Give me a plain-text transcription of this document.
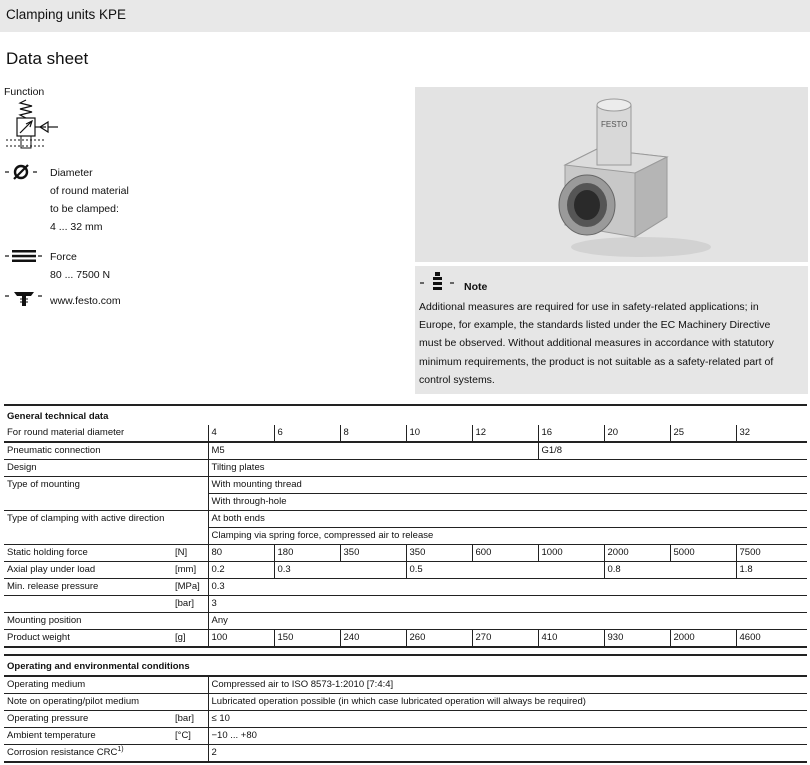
Clamping units KPE
Data sheet
Function
Diameter
of round material
to be clamped:
4 ... 32 mm
Force
80 ... 7500 N
www.festo.com
FESTO
Note
Additional measures are required for use in safety-related applications; in
Europe, for example, the standards listed under the EC Machinery Directive
must be observed. Without additional measures in accordance with statutory
minimum requirements, the product is not suitable as a safety-related part of
control systems.
General technical data										
For round material diameter		4	6	8	10	12	16	20	25	32
Pneumatic connection		M5					G1/8			
Design		Tilting plates								
Type of mounting		With mounting thread								
		With through-hole								
Type of clamping with active direction		At both ends								
		Clamping via spring force, compressed air to release								
Static holding force	[N]	80	180	350	350	600	1000	2000	5000	7500
Axial play under load	[mm]	0.2	0.3		0.5			0.8		1.8
Min. release pressure	[MPa]	0.3								
	[bar]	3								
Mounting position		Any								
Product weight	[g]	100	150	240	260	270	410	930	2000	4600
Operating and environmental conditions		
Operating medium		Compressed air to ISO 8573-1:2010 [7:4:4]
Note on operating/pilot medium		Lubricated operation possible (in which case lubricated operation will always be required)
Operating pressure	[bar]	≤ 10
Ambient temperature	[°C]	−10 ... +80
Corrosion resistance CRC$^{1)}$		2
